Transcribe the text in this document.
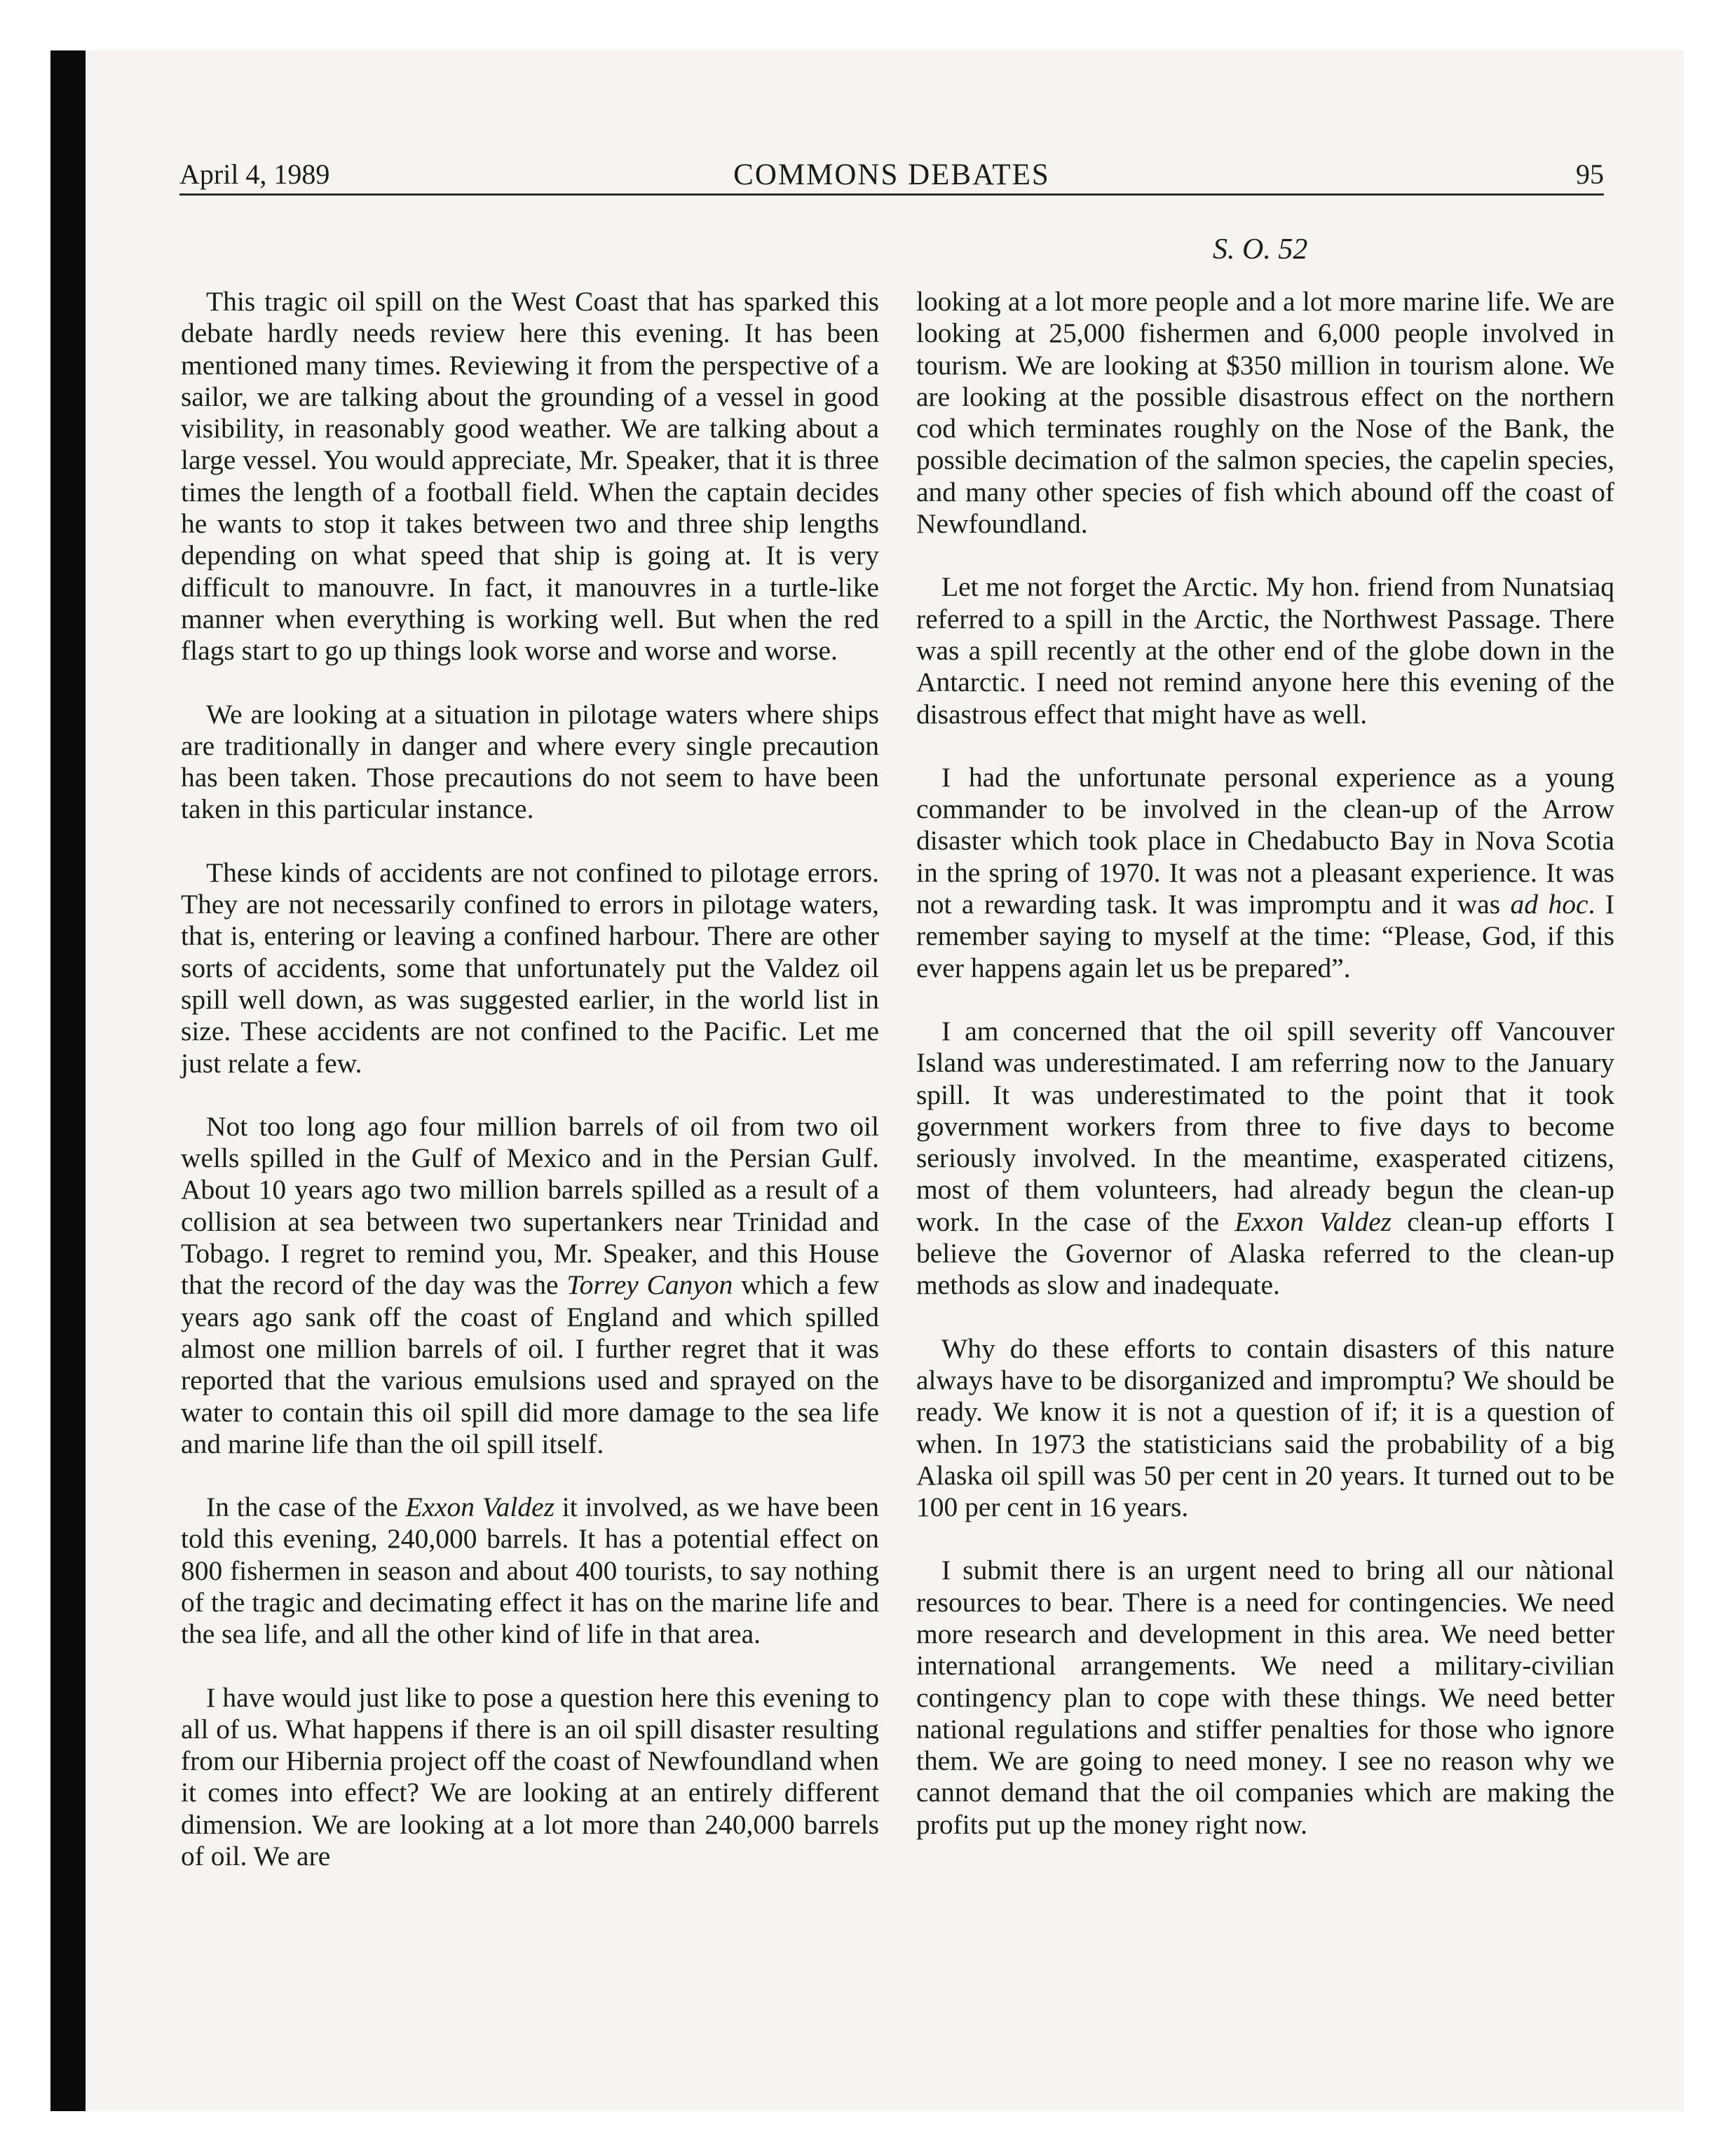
April 4, 1989	COMMONS DEBATES	95
S. O. 52

This tragic oil spill on the West Coast that has sparked this debate hardly needs review here this evening. It has been mentioned many times. Reviewing it from the perspective of a sailor, we are talking about the grounding of a vessel in good visibility, in reasonably good weather. We are talking about a large vessel. You would appreciate, Mr. Speaker, that it is three times the length of a football field. When the captain decides he wants to stop it takes between two and three ship lengths depending on what speed that ship is going at. It is very difficult to manouvre. In fact, it manouvres in a turtle-like manner when everything is working well. But when the red flags start to go up things look worse and worse and worse.

We are looking at a situation in pilotage waters where ships are traditionally in danger and where every single precaution has been taken. Those precautions do not seem to have been taken in this particular instance.

These kinds of accidents are not confined to pilotage errors. They are not necessarily confined to errors in pilotage waters, that is, entering or leaving a confined harbour. There are other sorts of accidents, some that unfortunately put the Valdez oil spill well down, as was suggested earlier, in the world list in size. These accidents are not confined to the Pacific. Let me just relate a few.

Not too long ago four million barrels of oil from two oil wells spilled in the Gulf of Mexico and in the Persian Gulf. About 10 years ago two million barrels spilled as a result of a collision at sea between two supertankers near Trinidad and Tobago. I regret to remind you, Mr. Speaker, and this House that the record of the day was the Torrey Canyon which a few years ago sank off the coast of England and which spilled almost one million barrels of oil. I further regret that it was reported that the various emulsions used and sprayed on the water to contain this oil spill did more damage to the sea life and marine life than the oil spill itself.

In the case of the Exxon Valdez it involved, as we have been told this evening, 240,000 barrels. It has a potential effect on 800 fishermen in season and about 400 tourists, to say nothing of the tragic and decimating effect it has on the marine life and the sea life, and all the other kind of life in that area.

I have would just like to pose a question here this evening to all of us. What happens if there is an oil spill disaster resulting from our Hibernia project off the coast of Newfoundland when it comes into effect? We are looking at an entirely different dimension. We are looking at a lot more than 240,000 barrels of oil. We are

looking at a lot more people and a lot more marine life. We are looking at 25,000 fishermen and 6,000 people involved in tourism. We are looking at $350 million in tourism alone. We are looking at the possible disastrous effect on the northern cod which terminates roughly on the Nose of the Bank, the possible decimation of the salmon species, the capelin species, and many other species of fish which abound off the coast of Newfoundland.

Let me not forget the Arctic. My hon. friend from Nunatsiaq referred to a spill in the Arctic, the Northwest Passage. There was a spill recently at the other end of the globe down in the Antarctic. I need not remind anyone here this evening of the disastrous effect that might have as well.

I had the unfortunate personal experience as a young commander to be involved in the clean-up of the Arrow disaster which took place in Chedabucto Bay in Nova Scotia in the spring of 1970. It was not a pleasant experience. It was not a rewarding task. It was impromptu and it was ad hoc. I remember saying to myself at the time: “Please, God, if this ever happens again let us be prepared”.

I am concerned that the oil spill severity off Vancouver Island was underestimated. I am referring now to the January spill. It was underestimated to the point that it took government workers from three to five days to become seriously involved. In the meantime, exasperated citizens, most of them volunteers, had already begun the clean-up work. In the case of the Exxon Valdez clean-up efforts I believe the Governor of Alaska referred to the clean-up methods as slow and inadequate.

Why do these efforts to contain disasters of this nature always have to be disorganized and impromptu? We should be ready. We know it is not a question of if; it is a question of when. In 1973 the statisticians said the probability of a big Alaska oil spill was 50 per cent in 20 years. It turned out to be 100 per cent in 16 years.

I submit there is an urgent need to bring all our nàtional resources to bear. There is a need for contingencies. We need more research and development in this area. We need better international arrangements. We need a military-civilian contingency plan to cope with these things. We need better national regulations and stiffer penalties for those who ignore them. We are going to need money. I see no reason why we cannot demand that the oil companies which are making the profits put up the money right now.
